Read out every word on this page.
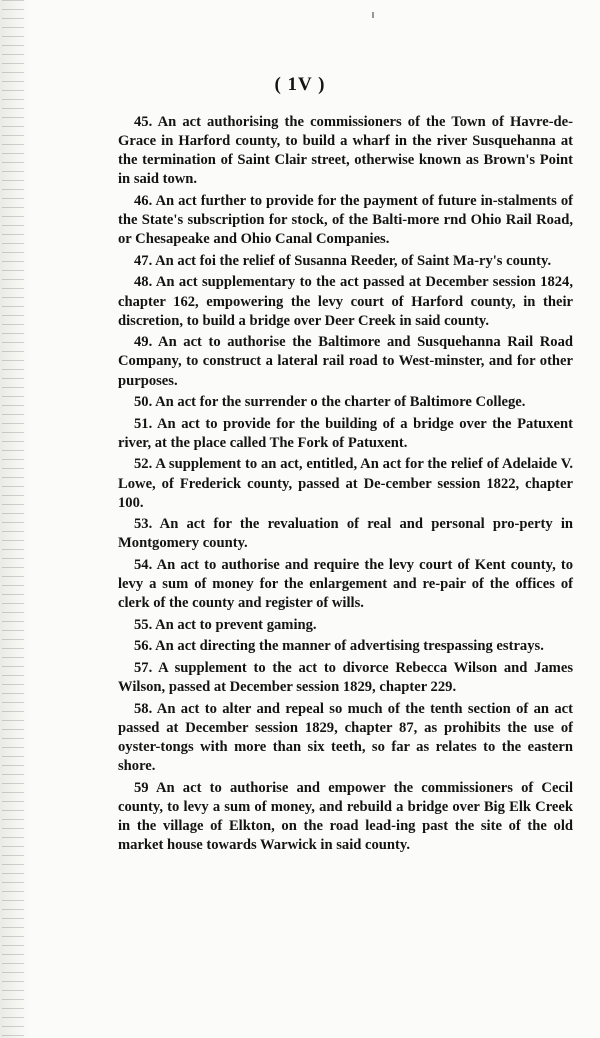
( 1V )

45. An act authorising the commissioners of the Town of Havre-de-Grace in Harford county, to build a wharf in the river Susquehanna at the termination of Saint Clair street, otherwise known as Brown's Point in said town.

46. An act further to provide for the payment of future in-stalments of the State's subscription for stock, of the Balti-more rnd Ohio Rail Road, or Chesapeake and Ohio Canal Companies.

47. An act foi the relief of Susanna Reeder, of Saint Ma-ry's county.

48. An act supplementary to the act passed at December session 1824, chapter 162, empowering the levy court of Harford county, in their discretion, to build a bridge over Deer Creek in said county.

49. An act to authorise the Baltimore and Susquehanna Rail Road Company, to construct a lateral rail road to West-minster, and for other purposes.

50. An act for the surrender o the charter of Baltimore College.

51. An act to provide for the building of a bridge over the Patuxent river, at the place called The Fork of Patuxent.

52. A supplement to an act, entitled, An act for the relief of Adelaide V. Lowe, of Frederick county, passed at De-cember session 1822, chapter 100.

53. An act for the revaluation of real and personal pro-perty in Montgomery county.

54. An act to authorise and require the levy court of Kent county, to levy a sum of money for the enlargement and re-pair of the offices of clerk of the county and register of wills.

55. An act to prevent gaming.

56. An act directing the manner of advertising trespassing estrays.

57. A supplement to the act to divorce Rebecca Wilson and James Wilson, passed at December session 1829, chapter 229.

58. An act to alter and repeal so much of the tenth section of an act passed at December session 1829, chapter 87, as prohibits the use of oyster-tongs with more than six teeth, so far as relates to the eastern shore.

59 An act to authorise and empower the commissioners of Cecil county, to levy a sum of money, and rebuild a bridge over Big Elk Creek in the village of Elkton, on the road lead-ing past the site of the old market house towards Warwick in said county.
